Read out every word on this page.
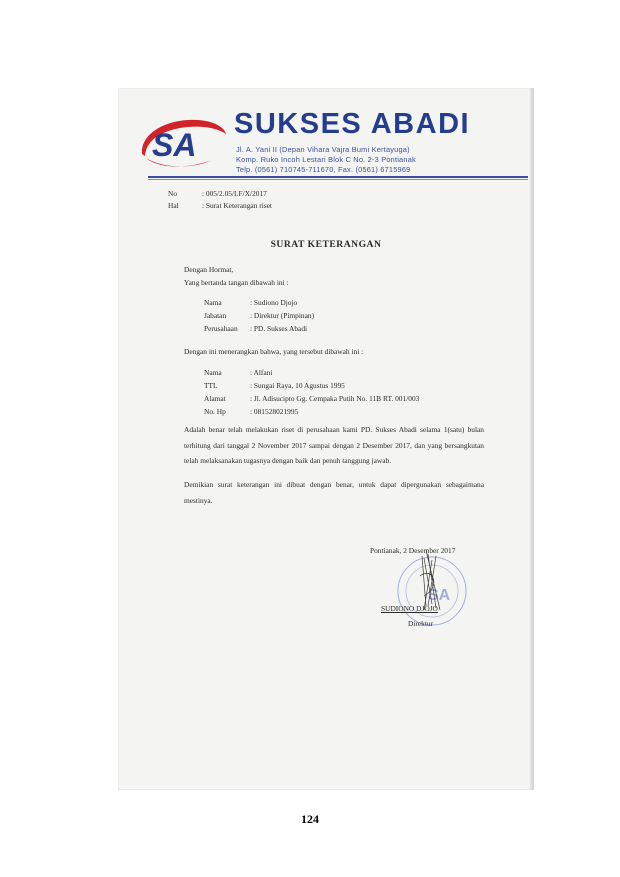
SA
SUKSES ABADI
Jl. A. Yani II (Depan Vihara Vajra Bumi Kertayuga)
Komp. Ruko Incoh Lestari Blok C No. 2-3 Pontianak
Telp. (0561) 710745-711670, Fax. (0561) 6715969
No	: 005/2.05/LF/X/2017
Hal	: Surat Keterangan riset
SURAT KETERANGAN
Dengan Hormat,
Yang bertanda tangan dibawah ini :
Nama	: Sudiono Djojo
Jabatan	: Direktur (Pimpinan)
Perusahaan : PD. Sukses Abadi
Dengan ini menerangkan bahwa, yang tersebut dibawah ini :
Nama	: Alfani
TTL	: Sungai Raya, 10 Agustus 1995
Alamat	: Jl. Adisucipto Gg. Cempaka Putih No. 11B RT. 001/003
No. Hp	: 081528021995
Adalah benar telah melakukan riset di perusahaan kami PD. Sukses Abadi selama 1(satu) bulan terhitung dari tanggal 2 November 2017 sampai dengan 2 Desember 2017, dan yang bersangkutan telah melaksanakan tugasnya dengan baik dan penuh tanggung jawab.
Demikian surat keterangan ini dibuat dengan benar, untuk dapat dipergunakan sebagaimana mestinya.
Pontianak, 2 Desember 2017
SA
SUDIONO DJOJO
Direktur
124
